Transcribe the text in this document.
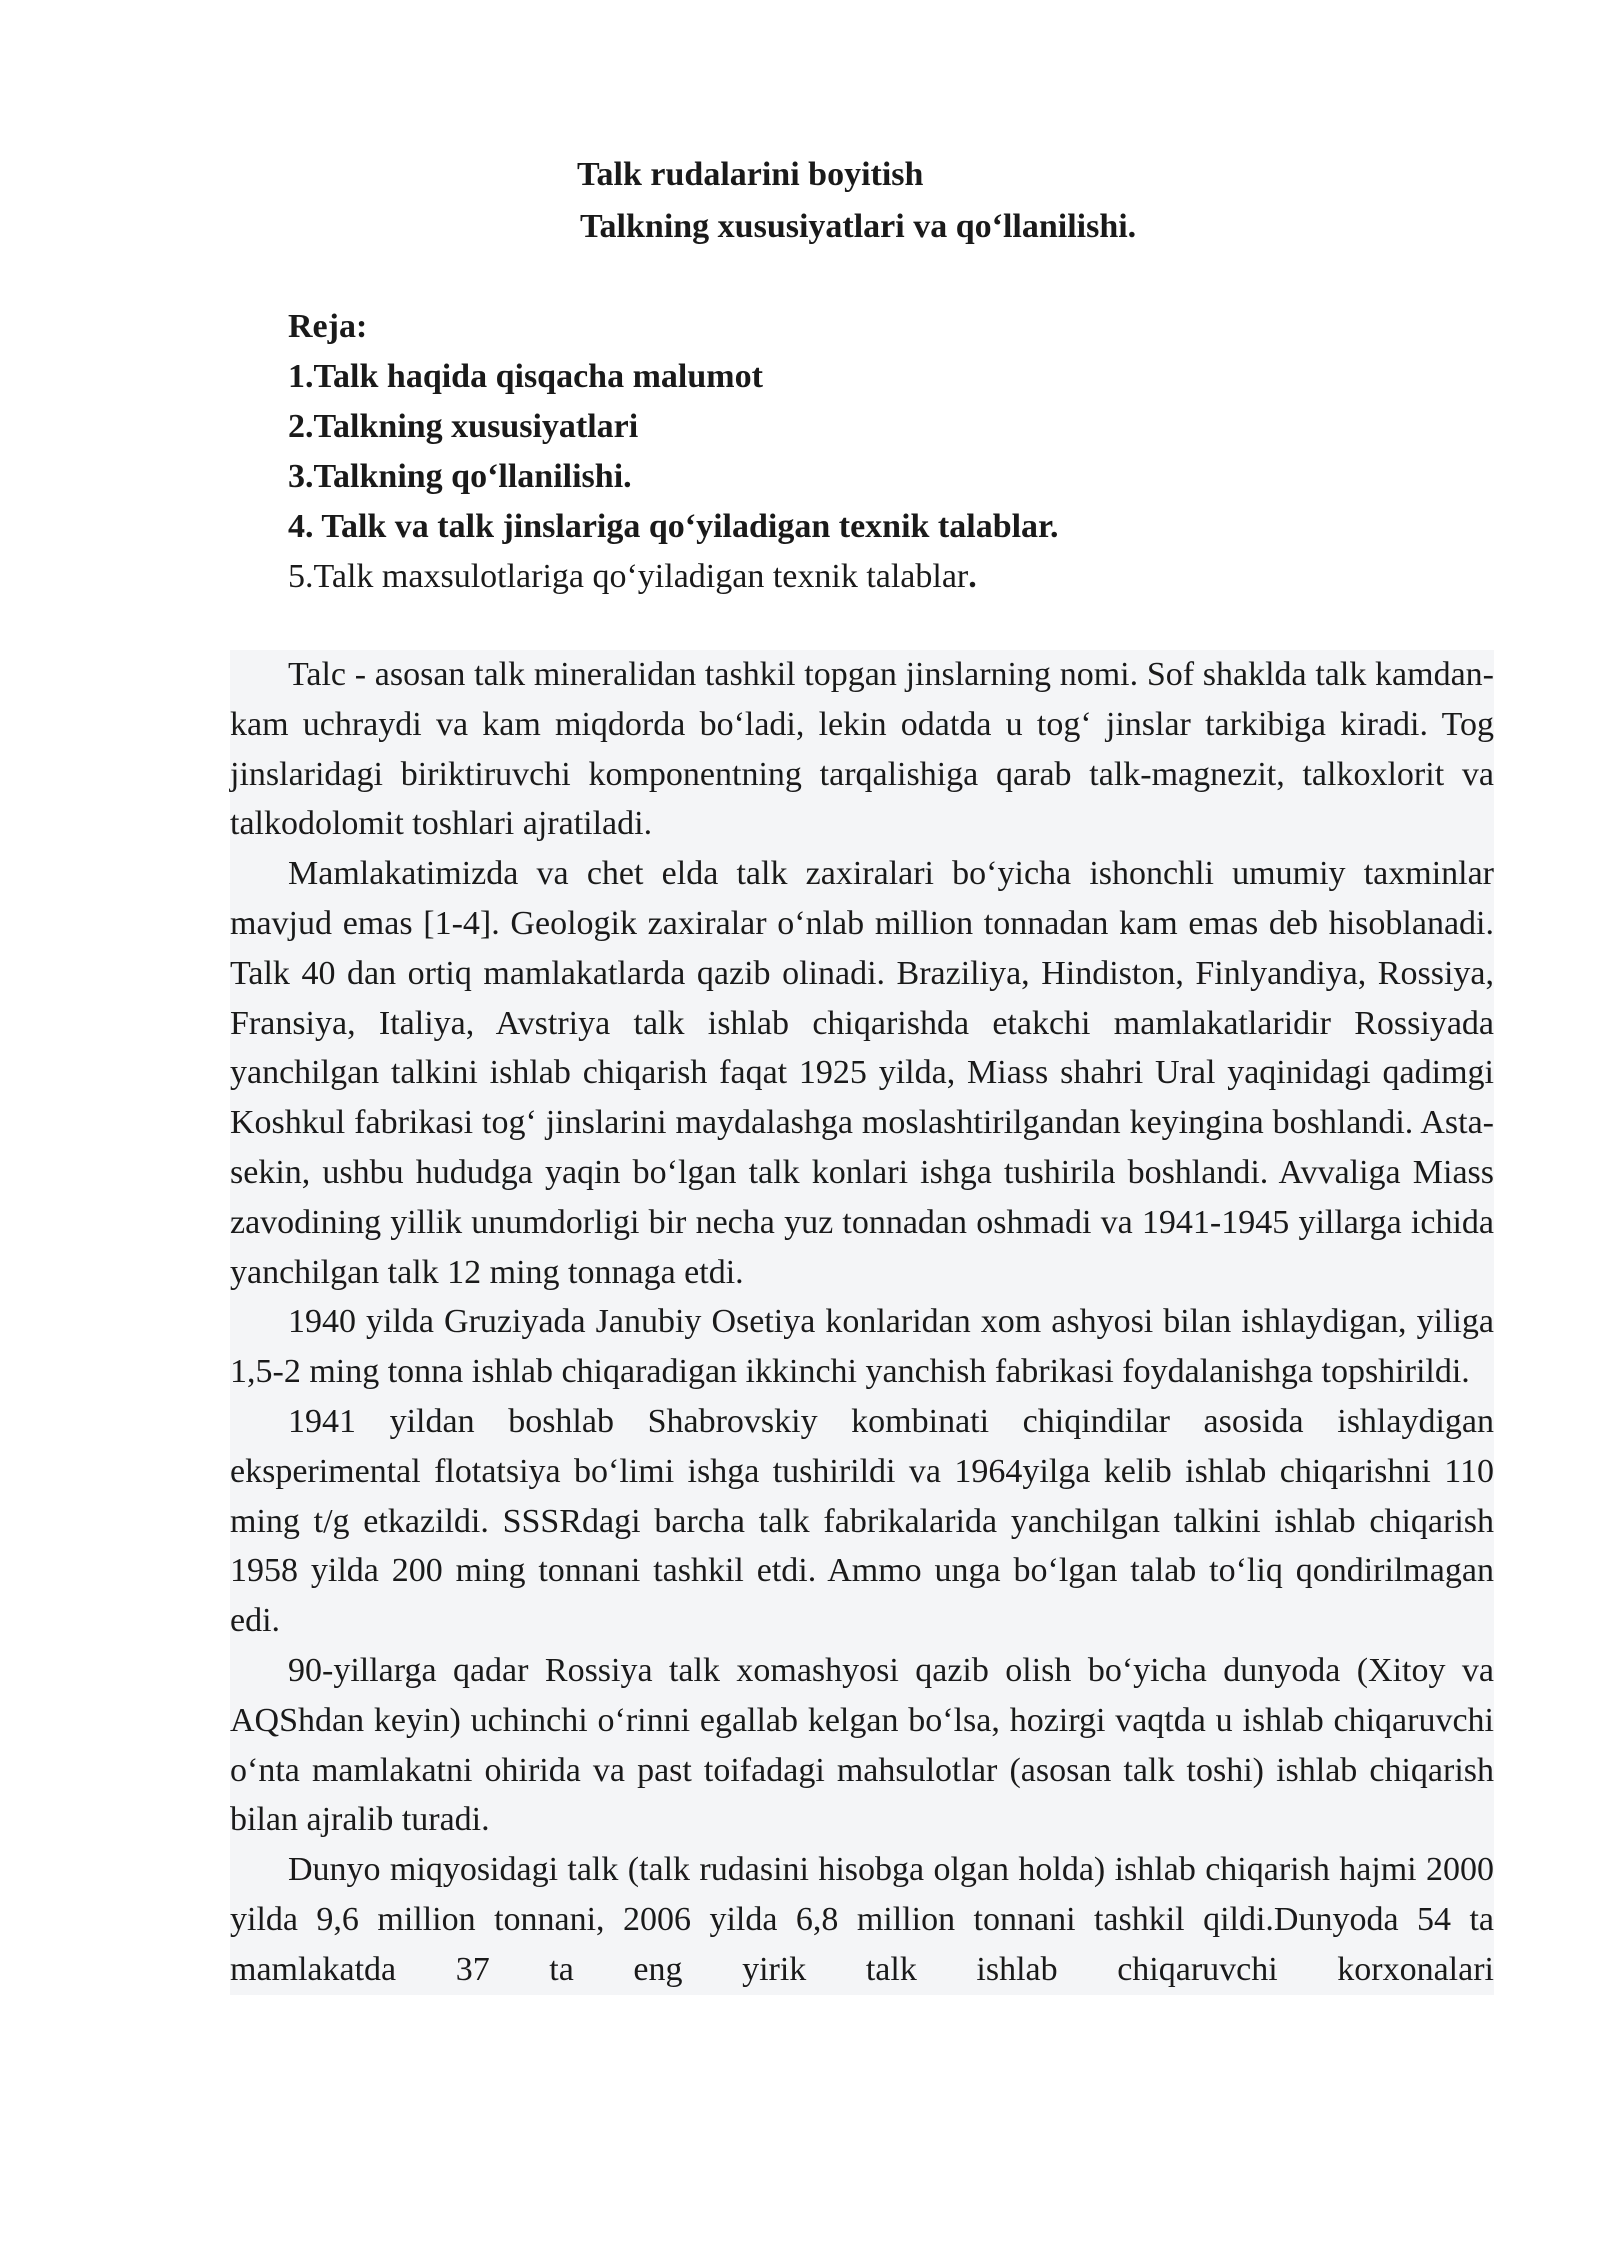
Talk rudalarini boyitish
Talkning xususiyatlari va qo‘llanilishi.
Reja:
1.Talk haqida qisqacha malumot
2.Talkning xususiyatlari
3.Talkning qo‘llanilishi.
4. Talk va talk jinslariga qo‘yiladigan texnik talablar.
5.Talk maxsulotlariga qo‘yiladigan texnik talablar.

Talc - asosan talk mineralidan tashkil topgan jinslarning nomi. Sof shaklda talk kamdan-kam uchraydi va kam miqdorda bo‘ladi, lekin odatda u tog‘ jinslar tarkibiga kiradi. Tog jinslaridagi biriktiruvchi komponentning tarqalishiga qarab talk-magnezit, talkoxlorit va talkodolomit toshlari ajratiladi.

Mamlakatimizda va chet elda talk zaxiralari bo‘yicha ishonchli umumiy taxminlar mavjud emas [1-4]. Geologik zaxiralar o‘nlab million tonnadan kam emas deb hisoblanadi. Talk 40 dan ortiq mamlakatlarda qazib olinadi. Braziliya, Hindiston, Finlyandiya, Rossiya, Fransiya, Italiya, Avstriya talk ishlab chiqarishda etakchi mamlakatlaridir Rossiyada yanchilgan talkini ishlab chiqarish faqat 1925 yilda, Miass shahri Ural yaqinidagi qadimgi Koshkul fabrikasi tog‘ jinslarini maydalashga moslashtirilgandan keyingina boshlandi. Asta-sekin, ushbu hududga yaqin bo‘lgan talk konlari ishga tushirila boshlandi. Avvaliga Miass zavodining yillik unumdorligi bir necha yuz tonnadan oshmadi va 1941-1945 yillarga ichida yanchilgan talk 12 ming tonnaga etdi.

1940 yilda Gruziyada Janubiy Osetiya konlaridan xom ashyosi bilan ishlaydigan, yiliga 1,5-2 ming tonna ishlab chiqaradigan ikkinchi yanchish fabrikasi foydalanishga topshirildi.

1941 yildan boshlab Shabrovskiy kombinati chiqindilar asosida ishlaydigan eksperimental flotatsiya bo‘limi ishga tushirildi va 1964yilga kelib ishlab chiqarishni 110 ming t/g etkazildi. SSSRdagi barcha talk fabrikalarida yanchilgan talkini ishlab chiqarish 1958 yilda 200 ming tonnani tashkil etdi. Ammo unga bo‘lgan talab to‘liq qondirilmagan edi.

90-yillarga qadar Rossiya talk xomashyosi qazib olish bo‘yicha dunyoda (Xitoy va AQShdan keyin) uchinchi o‘rinni egallab kelgan bo‘lsa, hozirgi vaqtda u ishlab chiqaruvchi o‘nta mamlakatni ohirida va past toifadagi mahsulotlar (asosan talk toshi) ishlab chiqarish bilan ajralib turadi.

Dunyo miqyosidagi talk (talk rudasini hisobga olgan holda) ishlab chiqarish hajmi 2000 yilda 9,6 million tonnani, 2006 yilda 6,8 million tonnani tashkil qildi.Dunyoda 54 ta mamlakatda 37 ta eng yirik talk ishlab chiqaruvchi korxonalari
